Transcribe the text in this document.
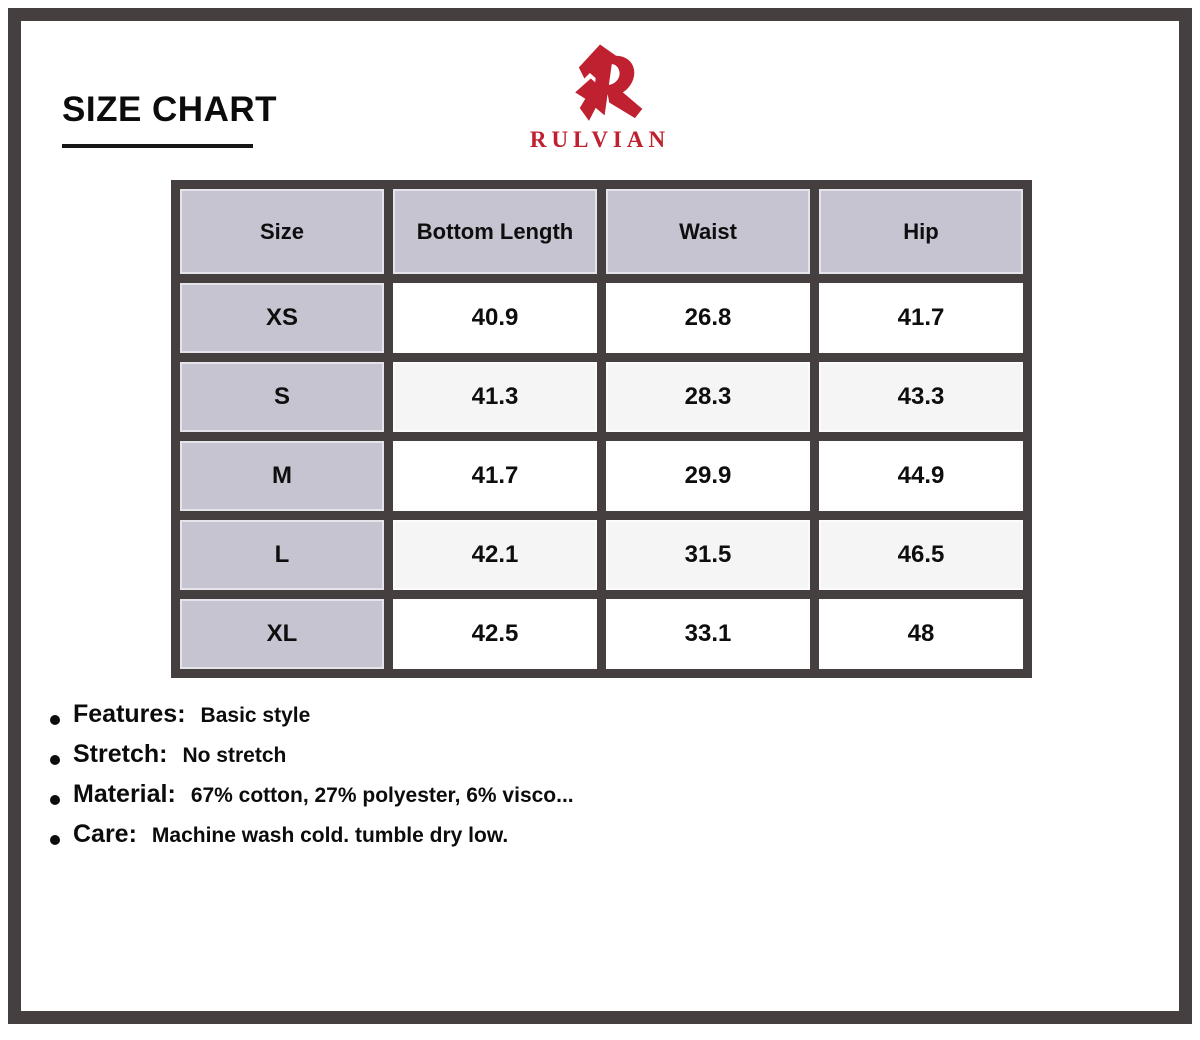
SIZE CHART
RULVIAN
Size	Bottom Length	Waist	Hip
XS	40.9	26.8	41.7
S	41.3	28.3	43.3
M	41.7	29.9	44.9
L	42.1	31.5	46.5
XL	42.5	33.1	48
Features: Basic style
Stretch: No stretch
Material: 67% cotton, 27% polyester, 6% visco...
Care: Machine wash cold. tumble dry low.
